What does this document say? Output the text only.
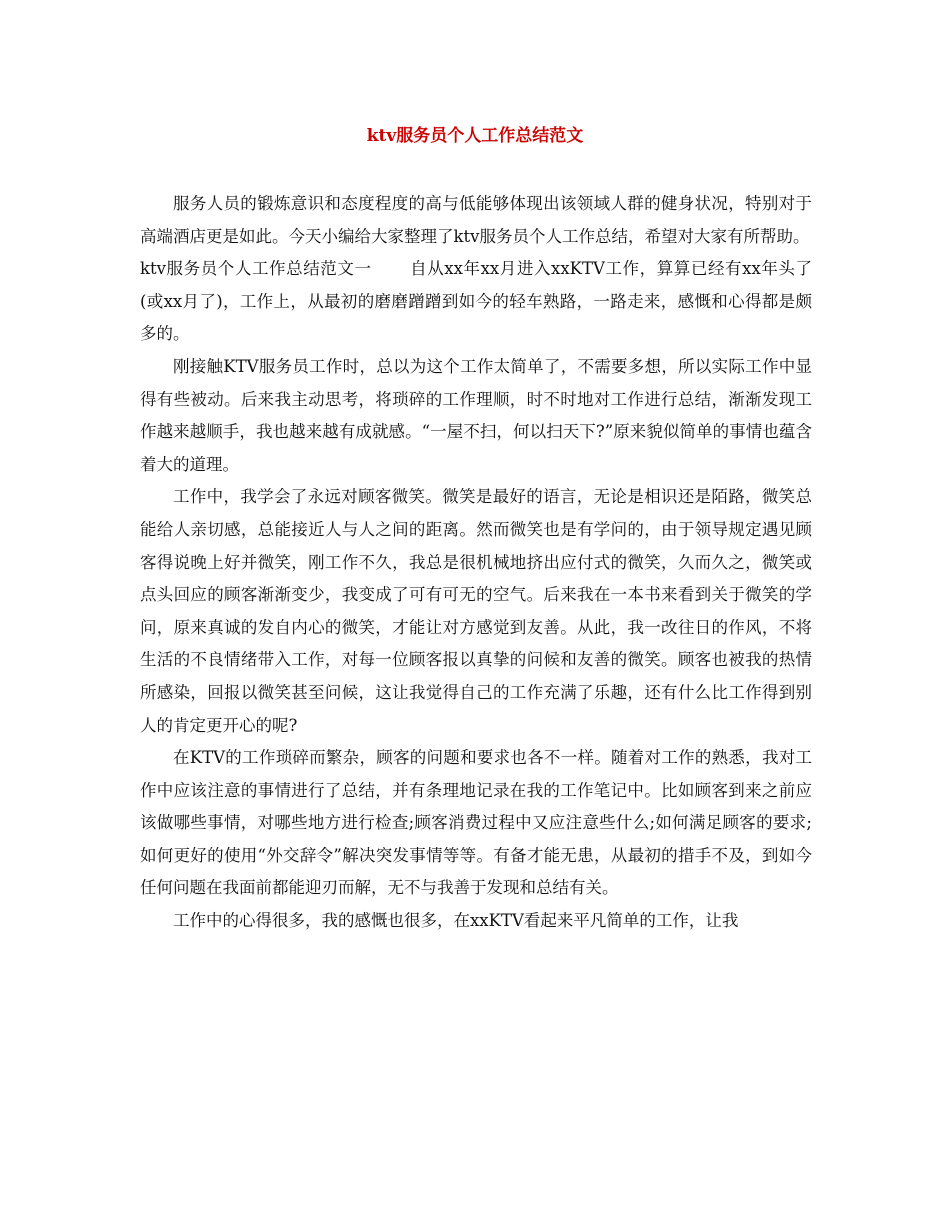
ktv服务员个人工作总结范文

服务人员的锻炼意识和态度程度的高与低能够体现出该领域人群的健身状况，特别对于高端酒店更是如此。今天小编给大家整理了ktv服务员个人工作总结，希望对大家有所帮助。

ktv服务员个人工作总结范文一 自从xx年xx月进入xxKTV工作，算算已经有xx年头了(或xx月了)，工作上，从最初的磨磨蹭蹭到如今的轻车熟路，一路走来，感慨和心得都是颇多的。

刚接触KTV服务员工作时，总以为这个工作太简单了，不需要多想，所以实际工作中显得有些被动。后来我主动思考，将琐碎的工作理顺，时不时地对工作进行总结，渐渐发现工作越来越顺手，我也越来越有成就感。“一屋不扫，何以扫天下?”原来貌似简单的事情也蕴含着大的道理。

工作中，我学会了永远对顾客微笑。微笑是最好的语言，无论是相识还是陌路，微笑总能给人亲切感，总能接近人与人之间的距离。然而微笑也是有学问的，由于领导规定遇见顾客得说晚上好并微笑，刚工作不久，我总是很机械地挤出应付式的微笑，久而久之，微笑或点头回应的顾客渐渐变少，我变成了可有可无的空气。后来我在一本书来看到关于微笑的学问，原来真诚的发自内心的微笑，才能让对方感觉到友善。从此，我一改往日的作风，不将生活的不良情绪带入工作，对每一位顾客报以真挚的问候和友善的微笑。顾客也被我的热情所感染，回报以微笑甚至问候，这让我觉得自己的工作充满了乐趣，还有什么比工作得到别人的肯定更开心的呢?

在KTV的工作琐碎而繁杂，顾客的问题和要求也各不一样。随着对工作的熟悉，我对工作中应该注意的事情进行了总结，并有条理地记录在我的工作笔记中。比如顾客到来之前应该做哪些事情，对哪些地方进行检查;顾客消费过程中又应注意些什么;如何满足顾客的要求;如何更好的使用“外交辞令”解决突发事情等等。有备才能无患，从最初的措手不及，到如今任何问题在我面前都能迎刃而解，无不与我善于发现和总结有关。

工作中的心得很多，我的感慨也很多，在xxKTV看起来平凡简单的工作，让我
